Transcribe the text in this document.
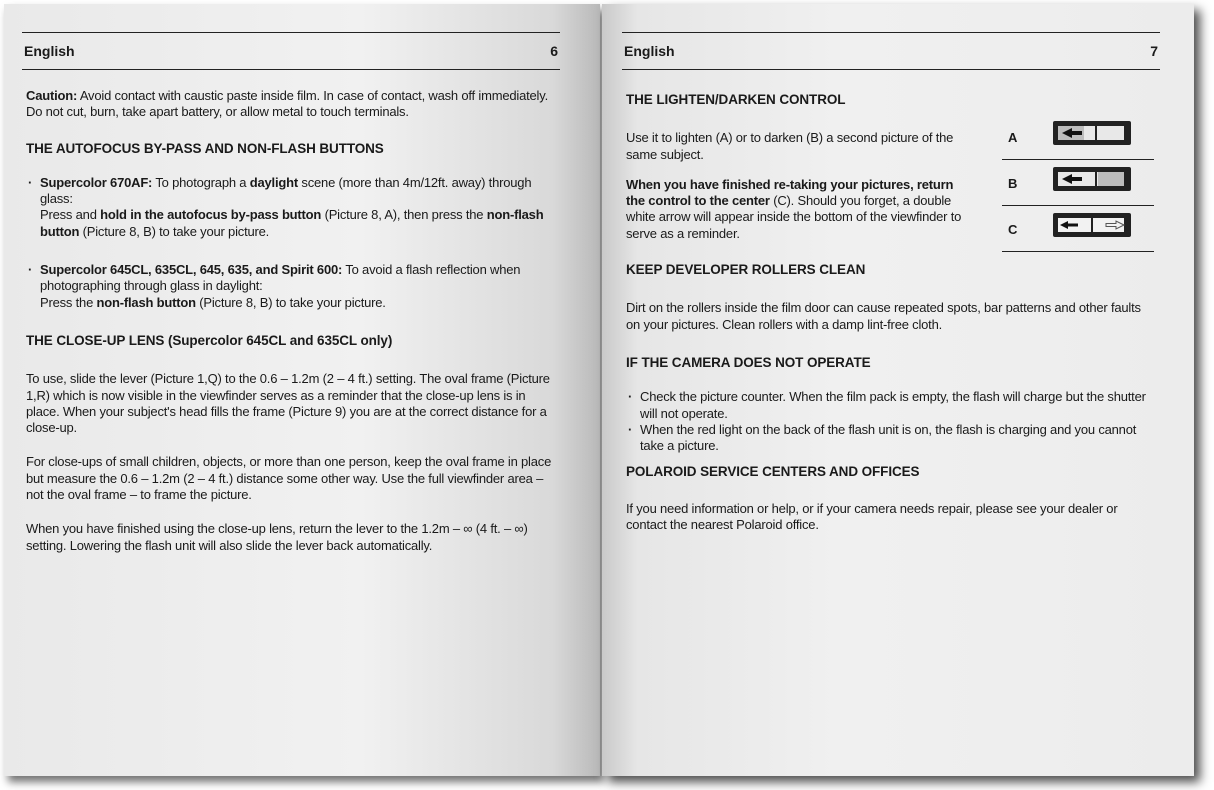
English	6

Caution: Avoid contact with caustic paste inside film. In case of contact, wash off immediately. Do not cut, burn, take apart battery, or allow metal to touch terminals.

THE AUTOFOCUS BY-PASS AND NON-FLASH BUTTONS
· Supercolor 670AF: To photograph a daylight scene (more than 4m/12ft. away) through glass:
Press and hold in the autofocus by-pass button (Picture 8, A), then press the non-flash button (Picture 8, B) to take your picture.
· Supercolor 645CL, 635CL, 645, 635, and Spirit 600: To avoid a flash reflection when photographing through glass in daylight:
Press the non-flash button (Picture 8, B) to take your picture.
THE CLOSE-UP LENS (Supercolor 645CL and 635CL only)

To use, slide the lever (Picture 1,Q) to the 0.6 – 1.2m (2 – 4 ft.) setting. The oval frame (Picture 1,R) which is now visible in the viewfinder serves as a reminder that the close-up lens is in place. When your subject's head fills the frame (Picture 9) you are at the correct distance for a close-up.

For close-ups of small children, objects, or more than one person, keep the oval frame in place but measure the 0.6 – 1.2m (2 – 4 ft.) distance some other way. Use the full viewfinder area – not the oval frame – to frame the picture.

When you have finished using the close-up lens, return the lever to the 1.2m – ∞ (4 ft. – ∞) setting. Lowering the flash unit will also slide the lever back automatically.

English	7
THE LIGHTEN/DARKEN CONTROL

Use it to lighten (A) or to darken (B) a second picture of the same subject.

When you have finished re-taking your pictures, return the control to the center (C). Should you forget, a double white arrow will appear inside the bottom of the viewfinder to serve as a reminder.

A
B
C
KEEP DEVELOPER ROLLERS CLEAN

Dirt on the rollers inside the film door can cause repeated spots, bar patterns and other faults on your pictures. Clean rollers with a damp lint-free cloth.

IF THE CAMERA DOES NOT OPERATE
· Check the picture counter. When the film pack is empty, the flash will charge but the shutter will not operate.
· When the red light on the back of the flash unit is on, the flash is charging and you cannot take a picture.
POLAROID SERVICE CENTERS AND OFFICES

If you need information or help, or if your camera needs repair, please see your dealer or contact the nearest Polaroid office.
